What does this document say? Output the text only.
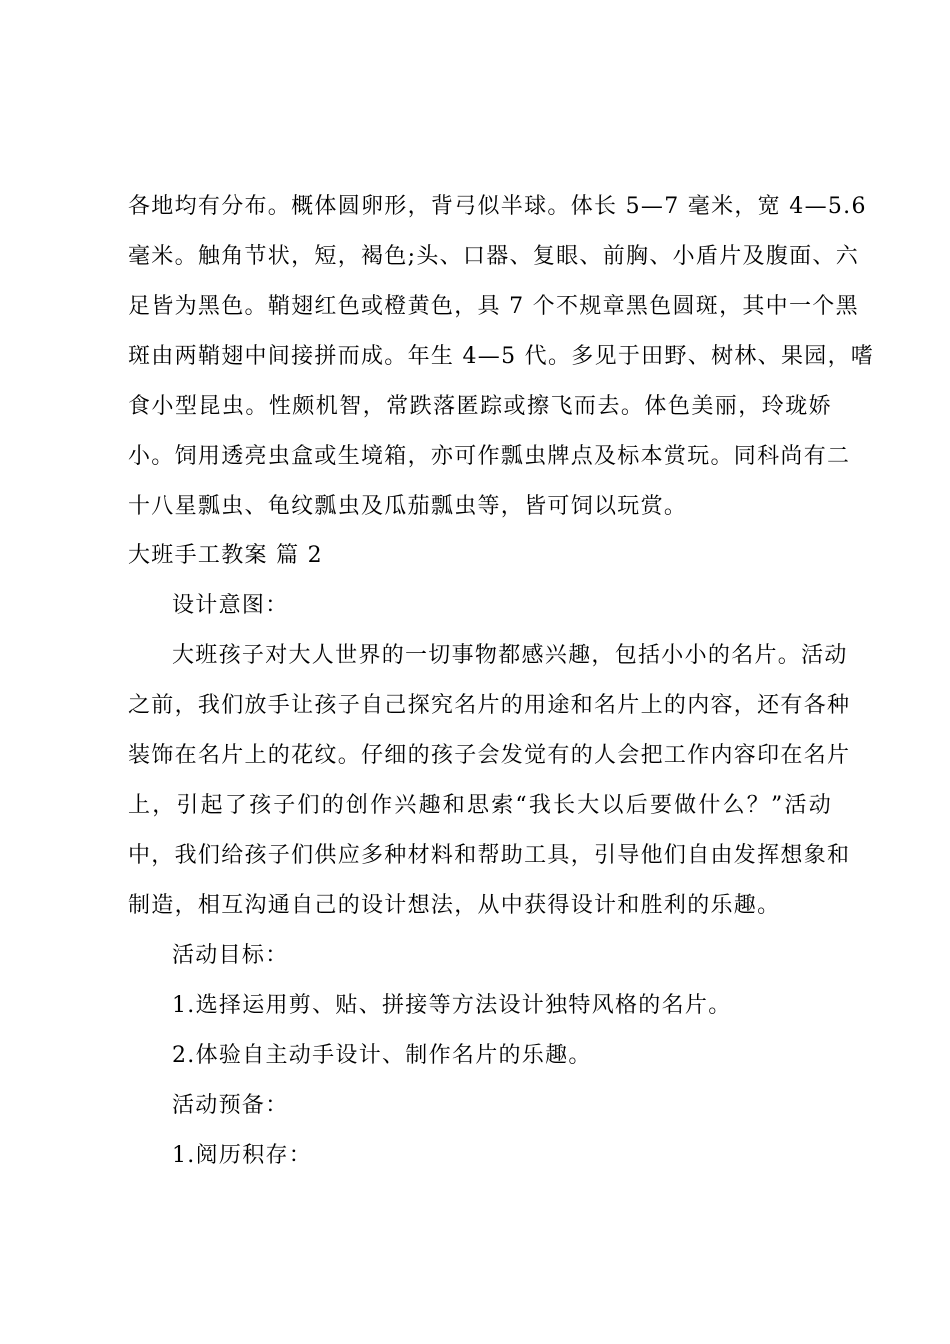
各地均有分布。概体圆卵形，背弓似半球。体长 5—7 毫米，宽 4—5.6
毫米。触角节状，短，褐色;头、口器、复眼、前胸、小盾片及腹面、六
足皆为黑色。鞘翅红色或橙黄色，具 7 个不规章黑色圆斑，其中一个黑
斑由两鞘翅中间接拼而成。年生 4—5 代。多见于田野、树林、果园，嗜
食小型昆虫。性颇机智，常跌落匿踪或擦飞而去。体色美丽，玲珑娇
小。饲用透亮虫盒或生境箱，亦可作瓢虫牌点及标本赏玩。同科尚有二
十八星瓢虫、龟纹瓢虫及瓜茄瓢虫等，皆可饲以玩赏。
大班手工教案 篇 2
设计意图：
大班孩子对大人世界的一切事物都感兴趣，包括小小的名片。活动
之前，我们放手让孩子自己探究名片的用途和名片上的内容，还有各种
装饰在名片上的花纹。仔细的孩子会发觉有的人会把工作内容印在名片
上，引起了孩子们的创作兴趣和思索“我长大以后要做什么？”活动
中，我们给孩子们供应多种材料和帮助工具，引导他们自由发挥想象和
制造，相互沟通自己的设计想法，从中获得设计和胜利的乐趣。
活动目标：
1.选择运用剪、贴、拼接等方法设计独特风格的名片。
2.体验自主动手设计、制作名片的乐趣。
活动预备：
1.阅历积存：
